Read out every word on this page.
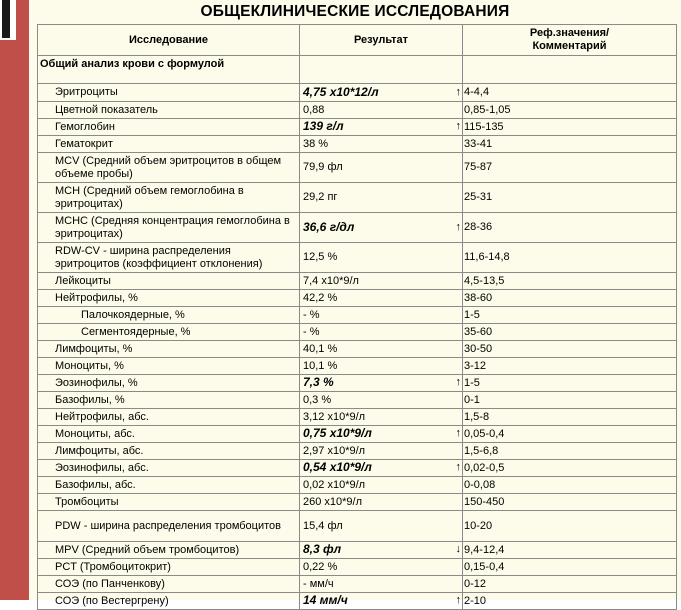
ОБЩЕКЛИНИЧЕСКИЕ ИССЛЕДОВАНИЯ
Исследование	Результат	Реф.значения/
Комментарий
Общий анализ крови с формулой		
Эритроциты	4,75 х10*12/л ↑	4-4,4
Цветной показатель	0,88	0,85-1,05
Гемоглобин	139 г/л ↑	115-135
Гематокрит	38 %	33-41
MCV (Средний объем эритроцитов в общем объеме пробы)	79,9 фл	75-87
MCH (Средний объем гемоглобина в эритроцитах)	29,2 пг	25-31
MCHC (Средняя концентрация гемоглобина в эритроцитах)	36,6 г/дл ↑	28-36
RDW-CV - ширина распределения эритроцитов (коэффициент отклонения)	12,5 %	11,6-14,8
Лейкоциты	7,4 х10*9/л	4,5-13,5
Нейтрофилы, %	42,2 %	38-60
Палочкоядерные, %	- %	1-5
Сегментоядерные, %	- %	35-60
Лимфоциты, %	40,1 %	30-50
Моноциты, %	10,1 %	3-12
Эозинофилы, %	7,3 % ↑	1-5
Базофилы, %	0,3 %	0-1
Нейтрофилы, абс.	3,12 х10*9/л	1,5-8
Моноциты, абс.	0,75 х10*9/л ↑	0,05-0,4
Лимфоциты, абс.	2,97 х10*9/л	1,5-6,8
Эозинофилы, абс.	0,54 х10*9/л ↑	0,02-0,5
Базофилы, абс.	0,02 х10*9/л	0-0,08
Тромбоциты	260 х10*9/л	150-450
PDW - ширина распределения тромбоцитов	15,4 фл	10-20
MPV (Средний объем тромбоцитов)	8,3 фл ↓	9,4-12,4
PCT (Тромбоцитокрит)	0,22 %	0,15-0,4
СОЭ (по Панченкову)	- мм/ч	0-12
СОЭ (по Вестергрену)	14 мм/ч ↑	2-10
